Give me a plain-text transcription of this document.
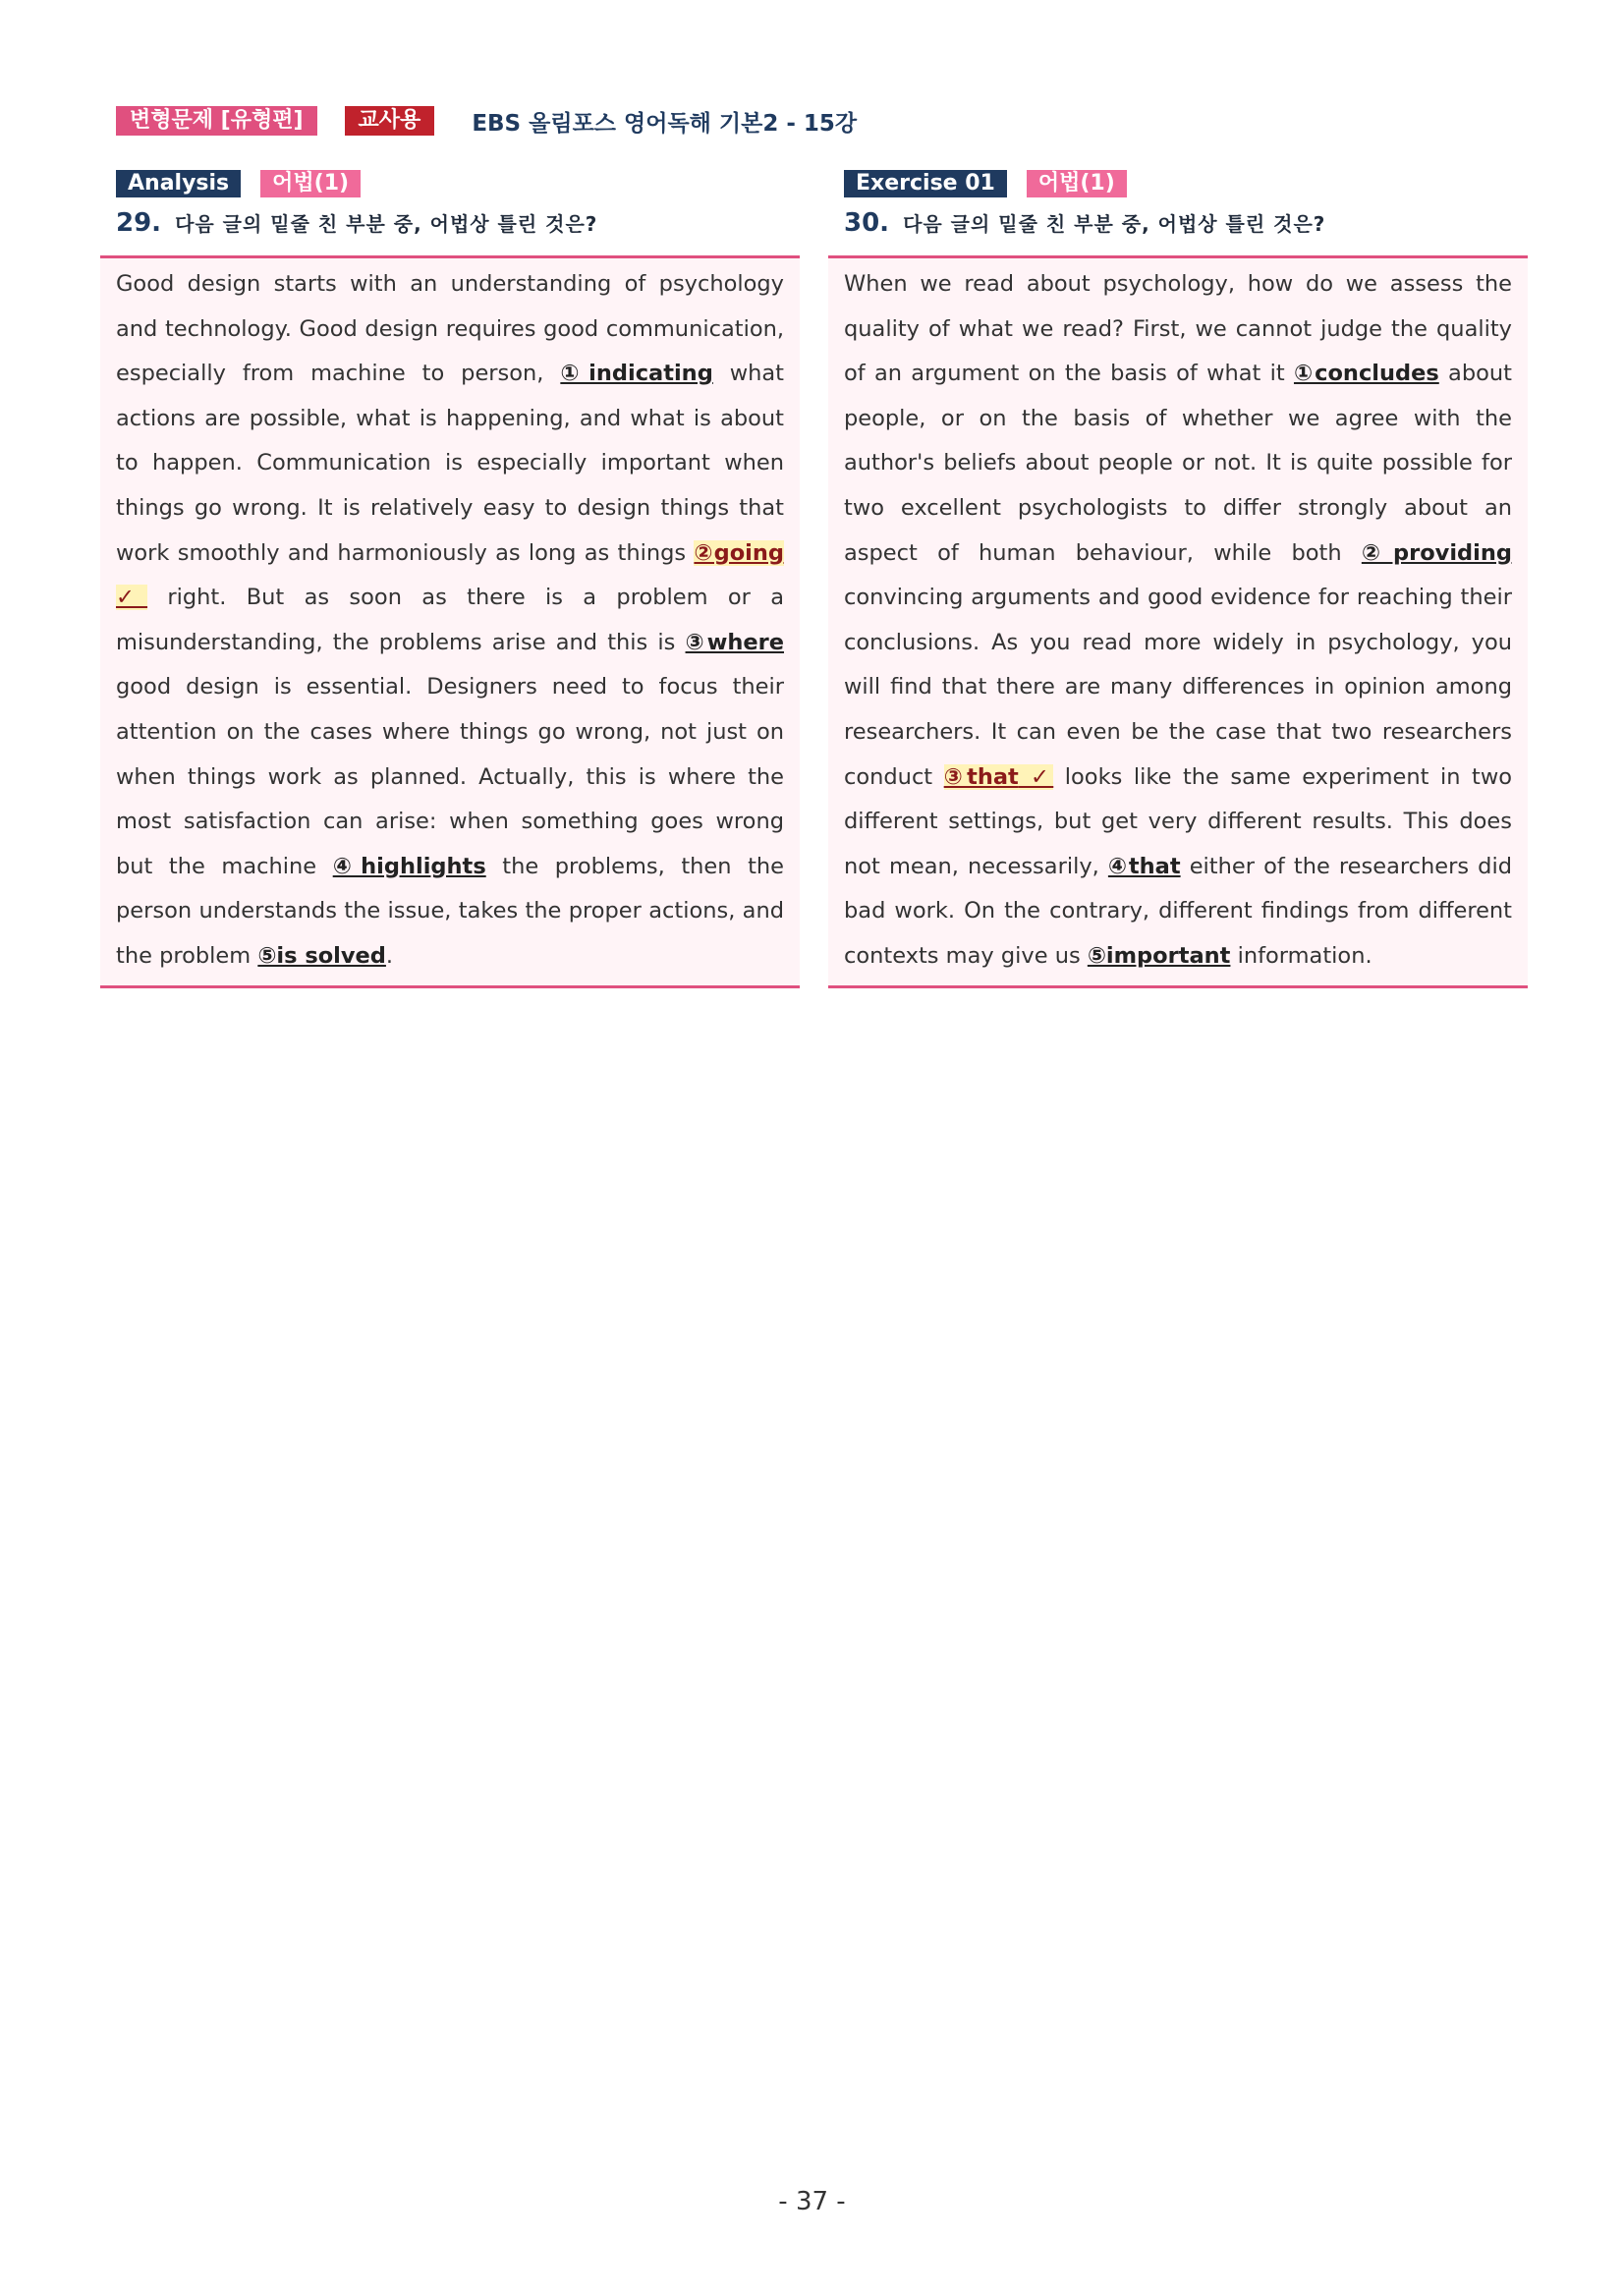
변형문제 [유형편]	교사용	EBS 올림포스 영어독해 기본2 - 15강
Analysis	어법(1)
29. 다음 글의 밑줄 친 부분 중, 어법상 틀린 것은?

Good design starts with an understanding of psychology and technology. Good design requires good communication, especially from machine to person, ①indicating what actions are possible, what is happening, and what is about to happen. Communication is especially important when things go wrong. It is relatively easy to design things that work smoothly and harmoniously as long as things ②going ✓ right. But as soon as there is a problem or a misunderstanding, the problems arise and this is ③where good design is essential. Designers need to focus their attention on the cases where things go wrong, not just on when things work as planned. Actually, this is where the most satisfaction can arise: when something goes wrong but the machine ④highlights the problems, then the person understands the issue, takes the proper actions, and the problem ⑤is solved.

Exercise 01	어법(1)
30. 다음 글의 밑줄 친 부분 중, 어법상 틀린 것은?

When we read about psychology, how do we assess the quality of what we read? First, we cannot judge the quality of an argument on the basis of what it ①concludes about people, or on the basis of whether we agree with the author's beliefs about people or not. It is quite possible for two excellent psychologists to differ strongly about an aspect of human behaviour, while both ②providing convincing arguments and good evidence for reaching their conclusions. As you read more widely in psychology, you will find that there are many differences in opinion among researchers. It can even be the case that two researchers conduct ③that ✓ looks like the same experiment in two different settings, but get very different results. This does not mean, necessarily, ④that either of the researchers did bad work. On the contrary, different findings from different contexts may give us ⑤important information.

- 37 -
